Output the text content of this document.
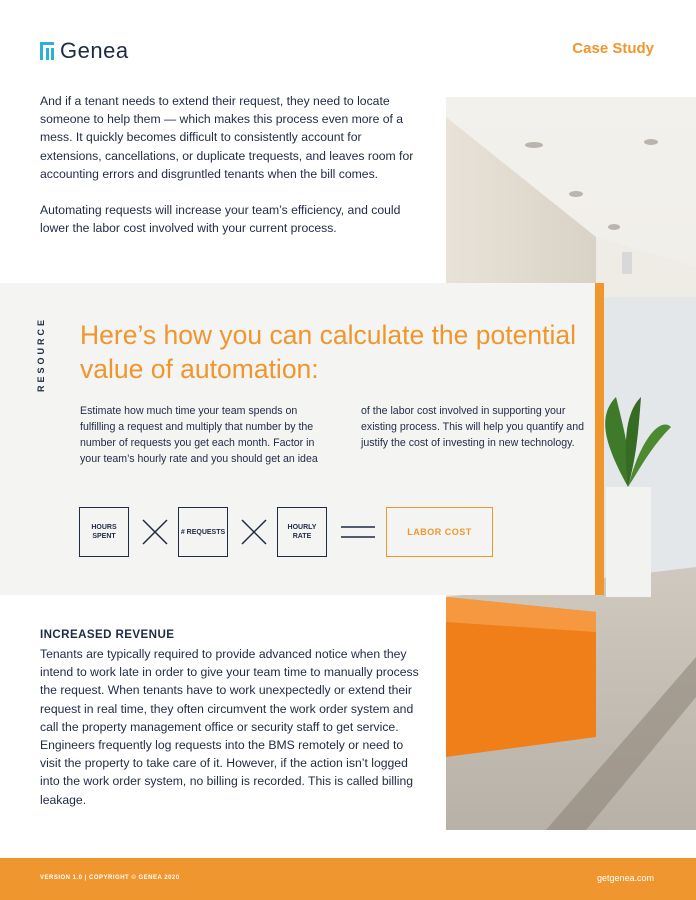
Genea	Case Study

And if a tenant needs to extend their request, they need to locate someone to help them — which makes this process even more of a mess. It quickly becomes difficult to consistently account for extensions, cancellations, or duplicate trequests, and leaves room for accounting errors and disgruntled tenants when the bill comes.

Automating requests will increase your team’s efficiency, and could lower the labor cost involved with your current process.

RESOURCE Here’s how you can calculate the potential value of automation:

Estimate how much time your team spends on fulfilling a request and multiply that number by the number of requests you get each month. Factor in your team’s hourly rate and you should get an idea of the labor cost involved in supporting your existing process. This will help you quantify and justify the cost of investing in new technology.

HOURS SPENT
# REQUESTS
HOURLY RATE	LABOR COST
INCREASED REVENUE

Tenants are typically required to provide advanced notice when they intend to work late in order to give your team time to manually process the request. When tenants have to work unexpectedly or extend their request in real time, they often circumvent the work order system and call the property management office or security staff to get service. Engineers frequently log requests into the BMS remotely or need to visit the property to take care of it. However, if the action isn’t logged into the work order system, no billing is recorded. This is called billing leakage.

VERSION 1.0 | COPYRIGHT © GENEA 2020	getgenea.com
